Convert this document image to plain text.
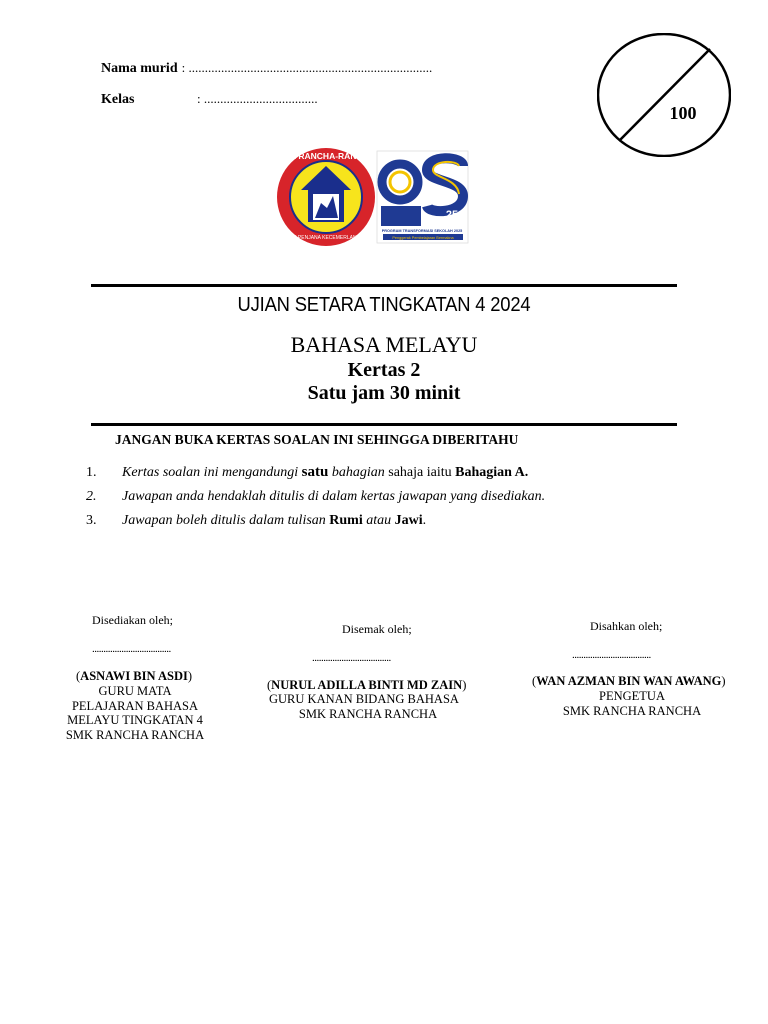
Nama murid : ...........................................................................
Kelas	: ...................................
100
SMK RANCHA-RANCHA
ILMU PENJANA KECEMERLANGAN
25
PROGRAM TRANSFORMASI SEKOLAH 2025
Penggerak Pembelajaran Bermakna
UJIAN SETARA TINGKATAN 4 2024
BAHASA MELAYU
Kertas 2
Satu jam 30 minit
JANGAN BUKA KERTAS SOALAN INI SEHINGGA DIBERITAHU
1. Kertas soalan ini mengandungi satu bahagian sahaja iaitu Bahagian A.
2. Jawapan anda hendaklah ditulis di dalam kertas jawapan yang disediakan.
3. Jawapan boleh ditulis dalam tulisan Rumi atau Jawi.
Disediakan oleh;
...................................
(ASNAWI BIN ASDI)
GURU MATA
PELAJARAN BAHASA
MELAYU TINGKATAN 4
SMK RANCHA RANCHA
Disemak oleh;
...................................
(NURUL ADILLA BINTI MD ZAIN)
GURU KANAN BIDANG BAHASA
SMK RANCHA RANCHA
Disahkan oleh;
...................................
(WAN AZMAN BIN WAN AWANG)
PENGETUA
SMK RANCHA RANCHA
